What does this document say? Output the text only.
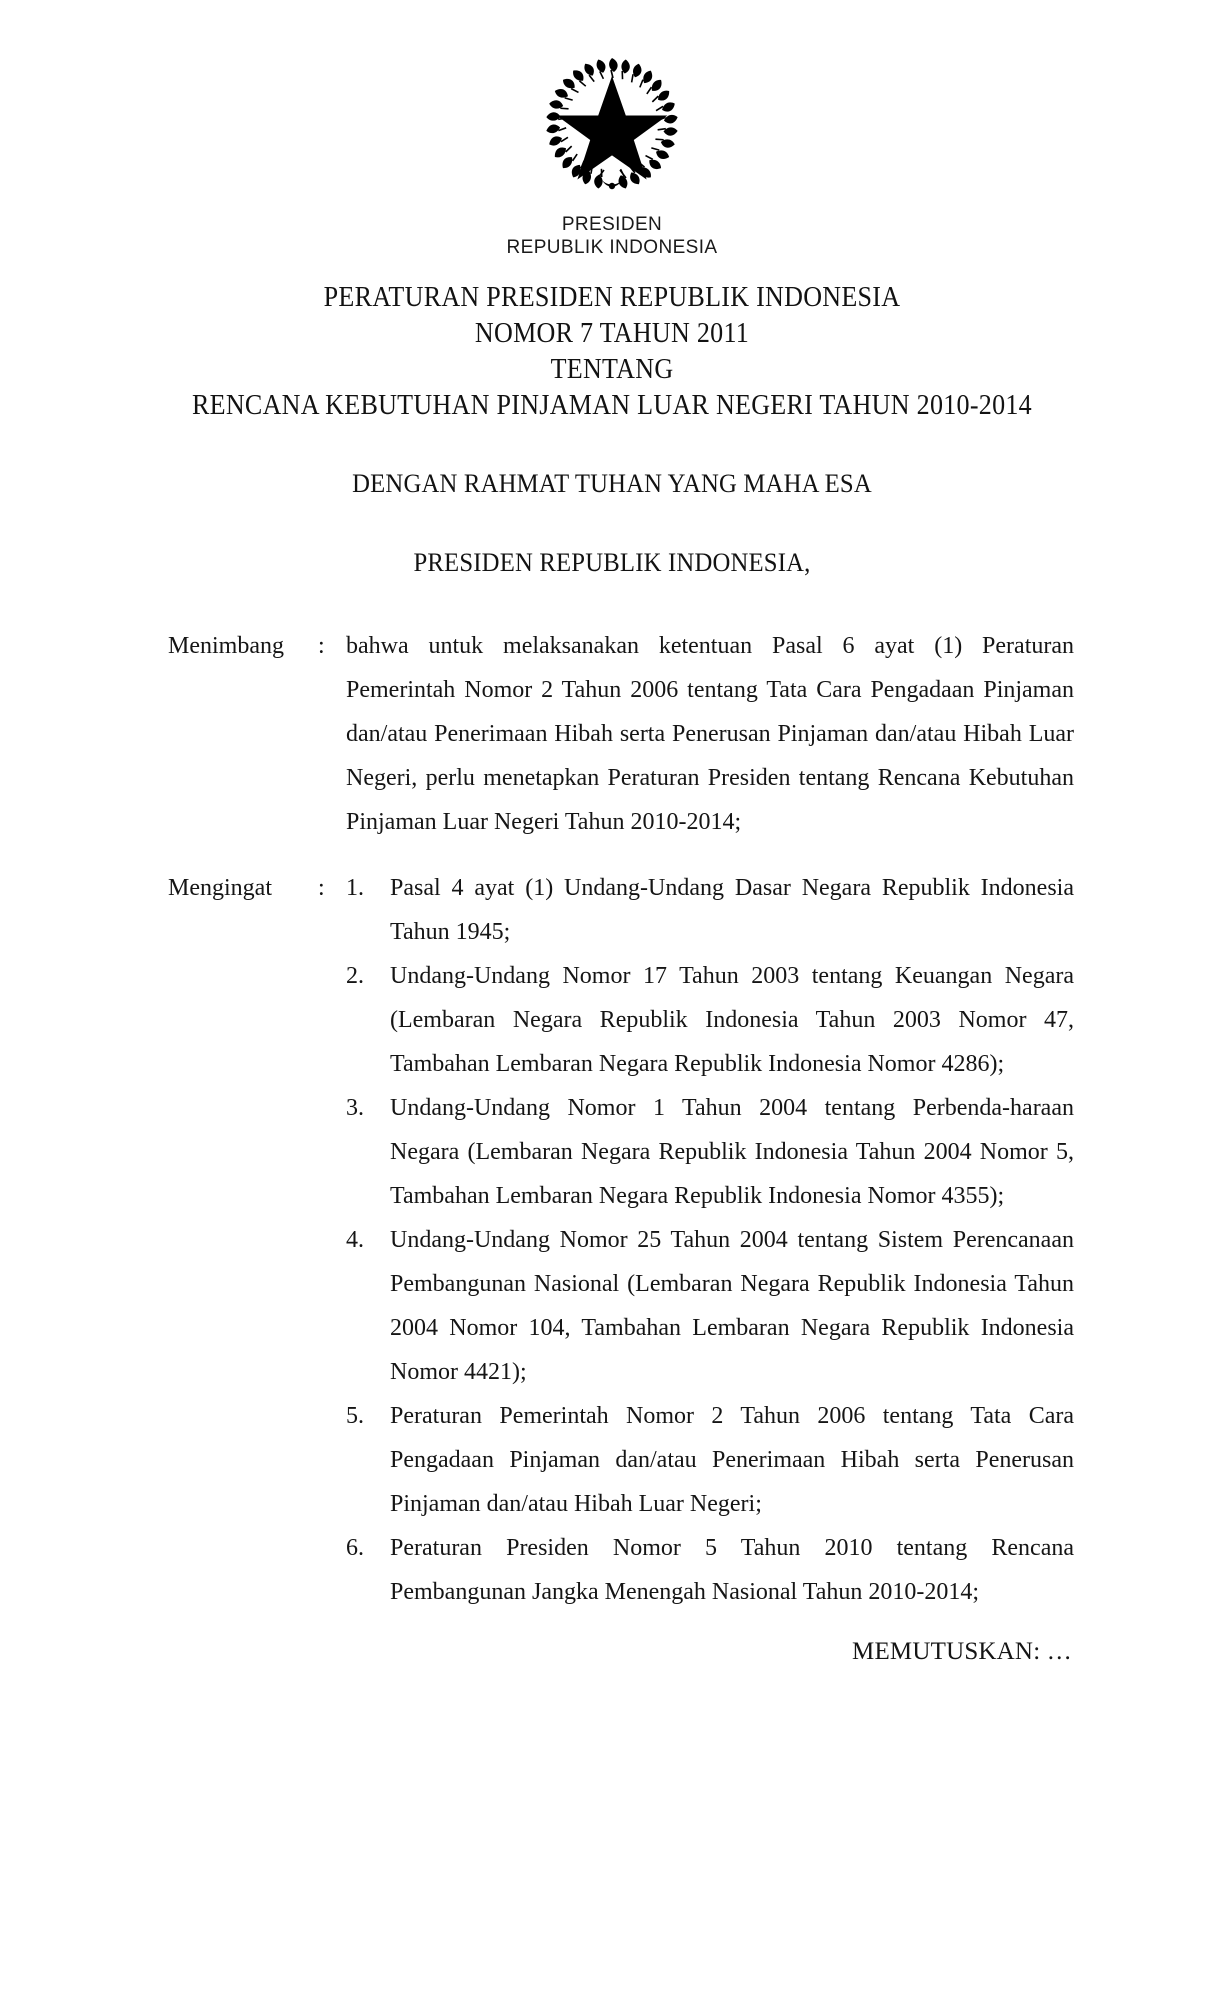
PRESIDEN
REPUBLIK INDONESIA
PERATURAN PRESIDEN REPUBLIK INDONESIA
NOMOR 7 TAHUN 2011
TENTANG
RENCANA KEBUTUHAN PINJAMAN LUAR NEGERI TAHUN 2010-2014
DENGAN RAHMAT TUHAN YANG MAHA ESA
PRESIDEN REPUBLIK INDONESIA,
Menimbang	: bahwa untuk melaksanakan ketentuan Pasal 6 ayat (1) Peraturan Pemerintah Nomor 2 Tahun 2006 tentang Tata Cara Pengadaan Pinjaman dan/atau Penerimaan Hibah serta Penerusan Pinjaman dan/atau Hibah Luar Negeri, perlu menetapkan Peraturan Presiden tentang Rencana Kebutuhan Pinjaman Luar Negeri Tahun 2010-2014;

Mengingat	: 1.	Pasal 4 ayat (1) Undang-Undang Dasar Negara Republik Indonesia Tahun 1945;
2.	Undang-Undang Nomor 17 Tahun 2003 tentang Keuangan Negara (Lembaran Negara Republik Indonesia Tahun 2003 Nomor 47, Tambahan Lembaran Negara Republik Indonesia Nomor 4286);
3.	Undang-Undang Nomor 1 Tahun 2004 tentang Perbenda-haraan Negara (Lembaran Negara Republik Indonesia Tahun 2004 Nomor 5, Tambahan Lembaran Negara Republik Indonesia Nomor 4355);
4.	Undang-Undang Nomor 25 Tahun 2004 tentang Sistem Perencanaan Pembangunan Nasional (Lembaran Negara Republik Indonesia Tahun 2004 Nomor 104, Tambahan Lembaran Negara Republik Indonesia Nomor 4421);
5.	Peraturan Pemerintah Nomor 2 Tahun 2006 tentang Tata Cara Pengadaan Pinjaman dan/atau Penerimaan Hibah serta Penerusan Pinjaman dan/atau Hibah Luar Negeri;
6.	Peraturan Presiden Nomor 5 Tahun 2010 tentang Rencana Pembangunan Jangka Menengah Nasional Tahun 2010-2014;
MEMUTUSKAN: …
